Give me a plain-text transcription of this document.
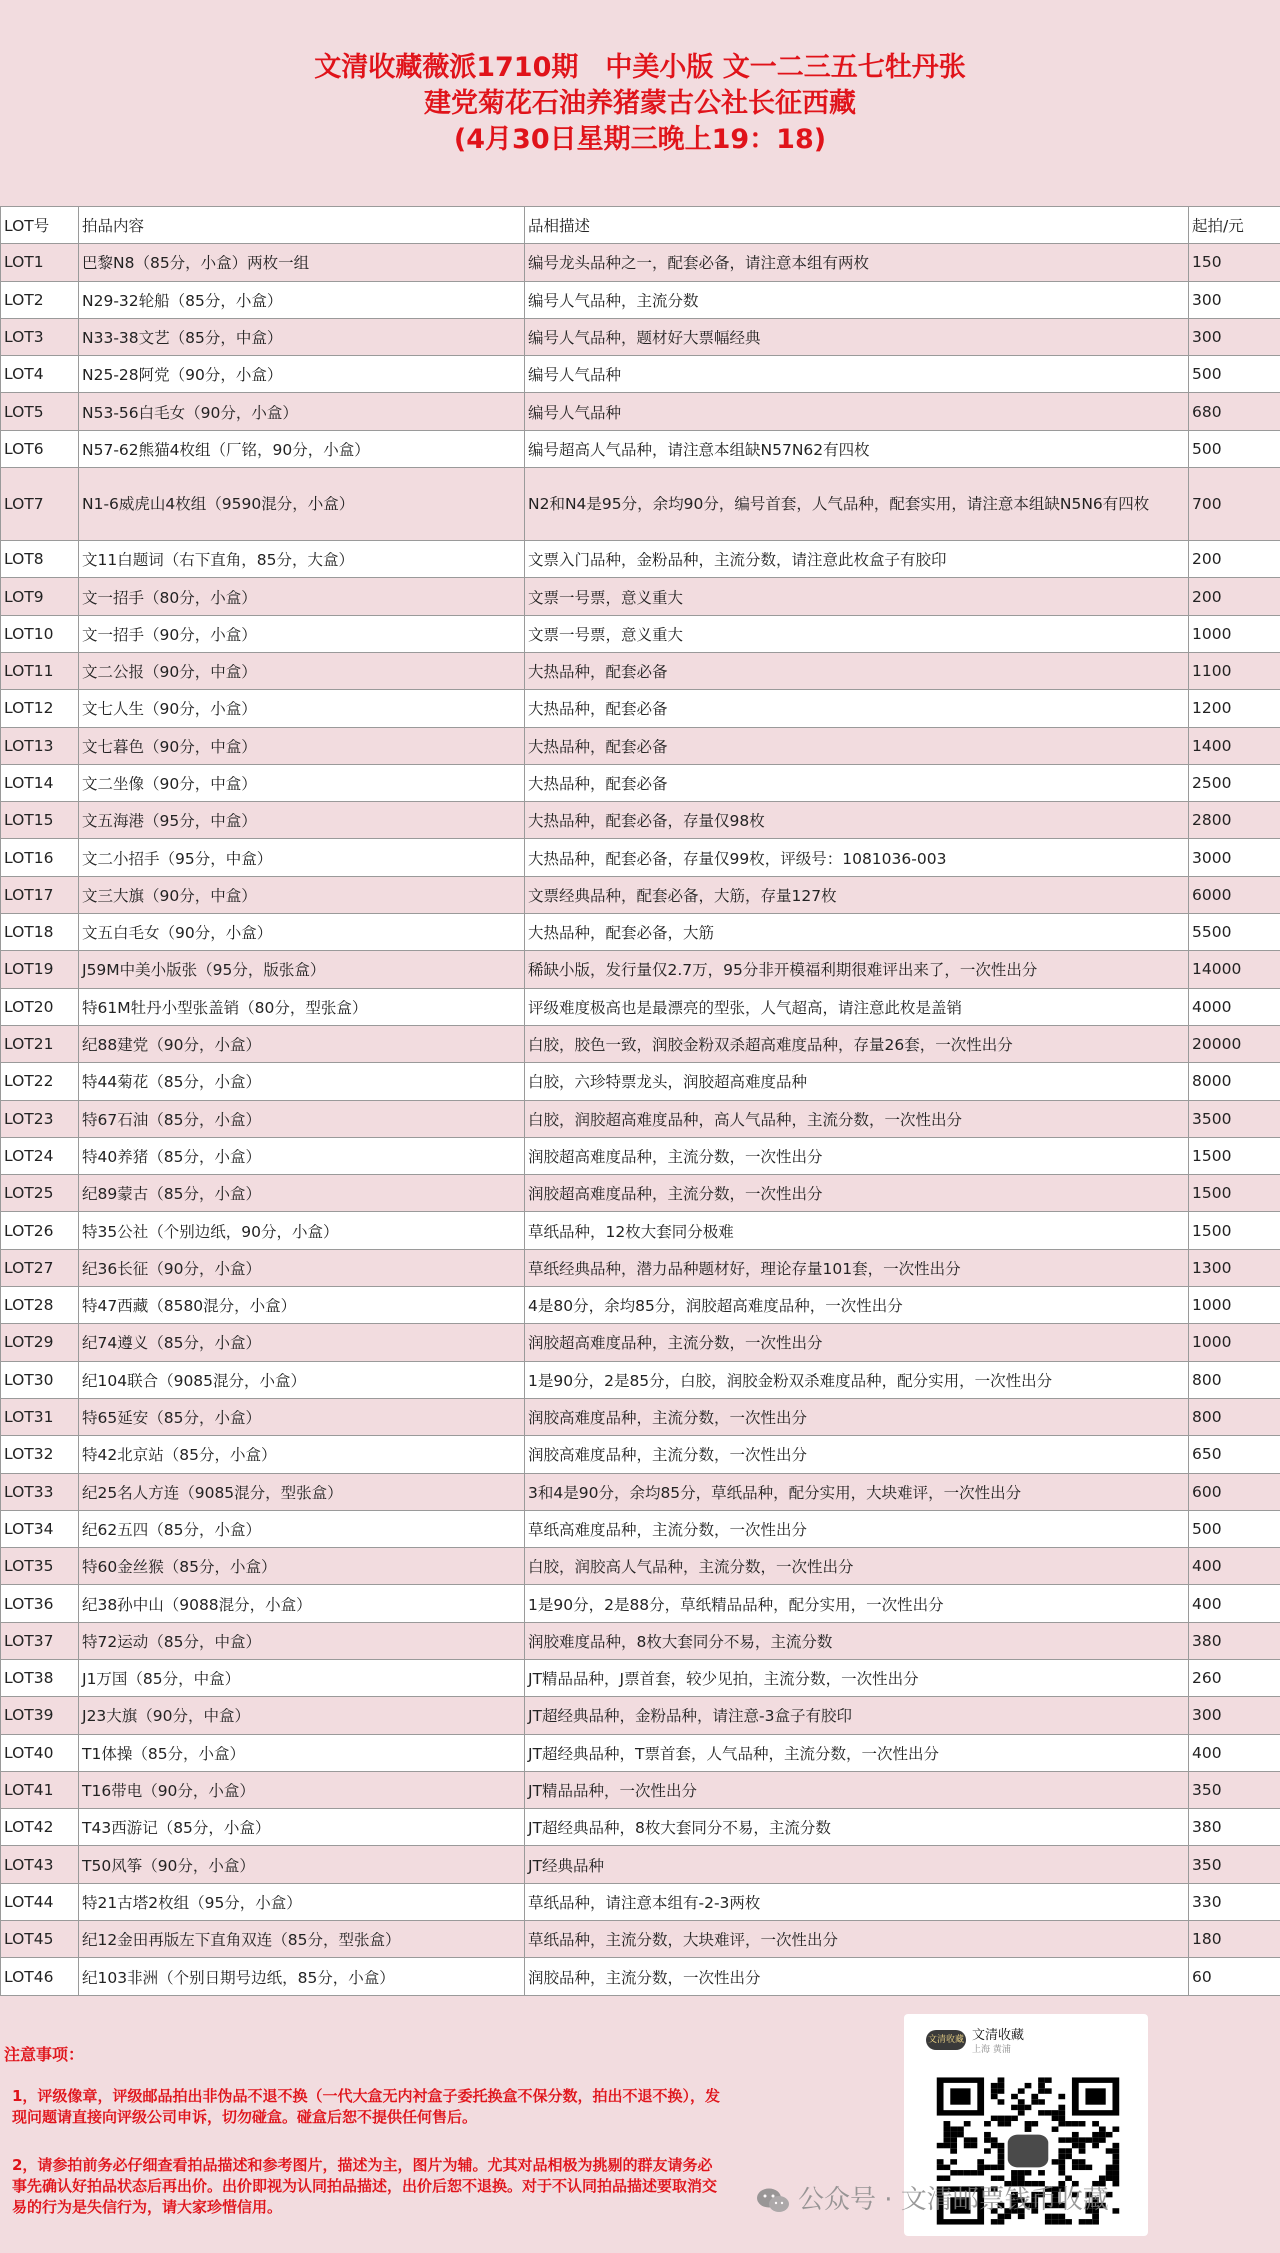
文清收藏薇派1710期　中美小版 文一二三五七牡丹张
建党菊花石油养猪蒙古公社长征西藏
(4月30日星期三晚上19：18)
LOT号	拍品内容	品相描述	起拍/元
LOT1	巴黎N8（85分，小盒）两枚一组	编号龙头品种之一，配套必备，请注意本组有两枚	150
LOT2	N29-32轮船（85分，小盒）	编号人气品种，主流分数	300
LOT3	N33-38文艺（85分，中盒）	编号人气品种，题材好大票幅经典	300
LOT4	N25-28阿党（90分，小盒）	编号人气品种	500
LOT5	N53-56白毛女（90分，小盒）	编号人气品种	680
LOT6	N57-62熊猫4枚组（厂铭，90分，小盒）	编号超高人气品种，请注意本组缺N57N62有四枚	500
LOT7	N1-6威虎山4枚组（9590混分，小盒）	N2和N4是95分，余均90分，编号首套，人气品种，配套实用，请注意本组缺N5N6有四枚	700
LOT8	文11白题词（右下直角，85分，大盒）	文票入门品种，金粉品种，主流分数，请注意此枚盒子有胶印	200
LOT9	文一招手（80分，小盒）	文票一号票，意义重大	200
LOT10	文一招手（90分，小盒）	文票一号票，意义重大	1000
LOT11	文二公报（90分，中盒）	大热品种，配套必备	1100
LOT12	文七人生（90分，小盒）	大热品种，配套必备	1200
LOT13	文七暮色（90分，中盒）	大热品种，配套必备	1400
LOT14	文二坐像（90分，中盒）	大热品种，配套必备	2500
LOT15	文五海港（95分，中盒）	大热品种，配套必备，存量仅98枚	2800
LOT16	文二小招手（95分，中盒）	大热品种，配套必备，存量仅99枚，评级号：1081036-003	3000
LOT17	文三大旗（90分，中盒）	文票经典品种，配套必备，大筋，存量127枚	6000
LOT18	文五白毛女（90分，小盒）	大热品种，配套必备，大筋	5500
LOT19	J59M中美小版张（95分，版张盒）	稀缺小版，发行量仅2.7万，95分非开模福利期很难评出来了，一次性出分	14000
LOT20	特61M牡丹小型张盖销（80分，型张盒）	评级难度极高也是最漂亮的型张，人气超高，请注意此枚是盖销	4000
LOT21	纪88建党（90分，小盒）	白胶，胶色一致，润胶金粉双杀超高难度品种，存量26套，一次性出分	20000
LOT22	特44菊花（85分，小盒）	白胶，六珍特票龙头，润胶超高难度品种	8000
LOT23	特67石油（85分，小盒）	白胶，润胶超高难度品种，高人气品种，主流分数，一次性出分	3500
LOT24	特40养猪（85分，小盒）	润胶超高难度品种，主流分数，一次性出分	1500
LOT25	纪89蒙古（85分，小盒）	润胶超高难度品种，主流分数，一次性出分	1500
LOT26	特35公社（个别边纸，90分，小盒）	草纸品种，12枚大套同分极难	1500
LOT27	纪36长征（90分，小盒）	草纸经典品种，潜力品种题材好，理论存量101套，一次性出分	1300
LOT28	特47西藏（8580混分，小盒）	4是80分，余均85分，润胶超高难度品种，一次性出分	1000
LOT29	纪74遵义（85分，小盒）	润胶超高难度品种，主流分数，一次性出分	1000
LOT30	纪104联合（9085混分，小盒）	1是90分，2是85分，白胶，润胶金粉双杀难度品种，配分实用，一次性出分	800
LOT31	特65延安（85分，小盒）	润胶高难度品种，主流分数，一次性出分	800
LOT32	特42北京站（85分，小盒）	润胶高难度品种，主流分数，一次性出分	650
LOT33	纪25名人方连（9085混分，型张盒）	3和4是90分，余均85分，草纸品种，配分实用，大块难评，一次性出分	600
LOT34	纪62五四（85分，小盒）	草纸高难度品种，主流分数，一次性出分	500
LOT35	特60金丝猴（85分，小盒）	白胶，润胶高人气品种，主流分数，一次性出分	400
LOT36	纪38孙中山（9088混分，小盒）	1是90分，2是88分，草纸精品品种，配分实用，一次性出分	400
LOT37	特72运动（85分，中盒）	润胶难度品种，8枚大套同分不易，主流分数	380
LOT38	J1万国（85分，中盒）	JT精品品种，J票首套，较少见拍，主流分数，一次性出分	260
LOT39	J23大旗（90分，中盒）	JT超经典品种，金粉品种，请注意-3盒子有胶印	300
LOT40	T1体操（85分，小盒）	JT超经典品种，T票首套，人气品种，主流分数，一次性出分	400
LOT41	T16带电（90分，小盒）	JT精品品种，一次性出分	350
LOT42	T43西游记（85分，小盒）	JT超经典品种，8枚大套同分不易，主流分数	380
LOT43	T50风筝（90分，小盒）	JT经典品种	350
LOT44	特21古塔2枚组（95分，小盒）	草纸品种，请注意本组有-2-3两枚	330
LOT45	纪12金田再版左下直角双连（85分，型张盒）	草纸品种，主流分数，大块难评，一次性出分	180
LOT46	纪103非洲（个别日期号边纸，85分，小盒）	润胶品种，主流分数，一次性出分	60
注意事项：
1，评级像章，评级邮品拍出非伪品不退不换（一代大盒无内衬盒子委托换盒不保分数，拍出不退不换），发现问题请直接向评级公司申诉，切勿碰盒。碰盒后恕不提供任何售后。
2，请参拍前务必仔细查看拍品描述和参考图片，描述为主，图片为辅。尤其对品相极为挑剔的群友请务必事先确认好拍品状态后再出价。出价即视为认同拍品描述，出价后恕不退换。对于不认同拍品描述要取消交易的行为是失信行为，请大家珍惜信用。
文清收藏 文清收藏
上海 黄浦
公众号 · 文清邮票钱币收藏
